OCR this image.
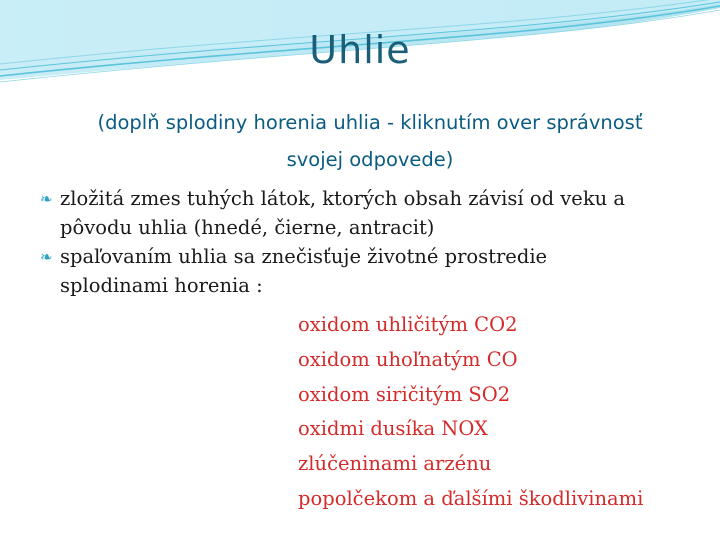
Uhlie
(doplň splodiny horenia uhlia - kliknutím over správnosť
svojej odpovede)
❧ zložitá zmes tuhých látok, ktorých obsah závisí od veku a
pôvodu uhlia (hnedé, čierne, antracit)
❧ spaľovaním uhlia sa znečisťuje životné prostredie
splodinami horenia :
oxidom uhličitým CO2
oxidom uhoľnatým CO
oxidom siričitým SO2
oxidmi dusíka NOX
zlúčeninami arzénu
popolčekom a ďalšími škodlivinami
